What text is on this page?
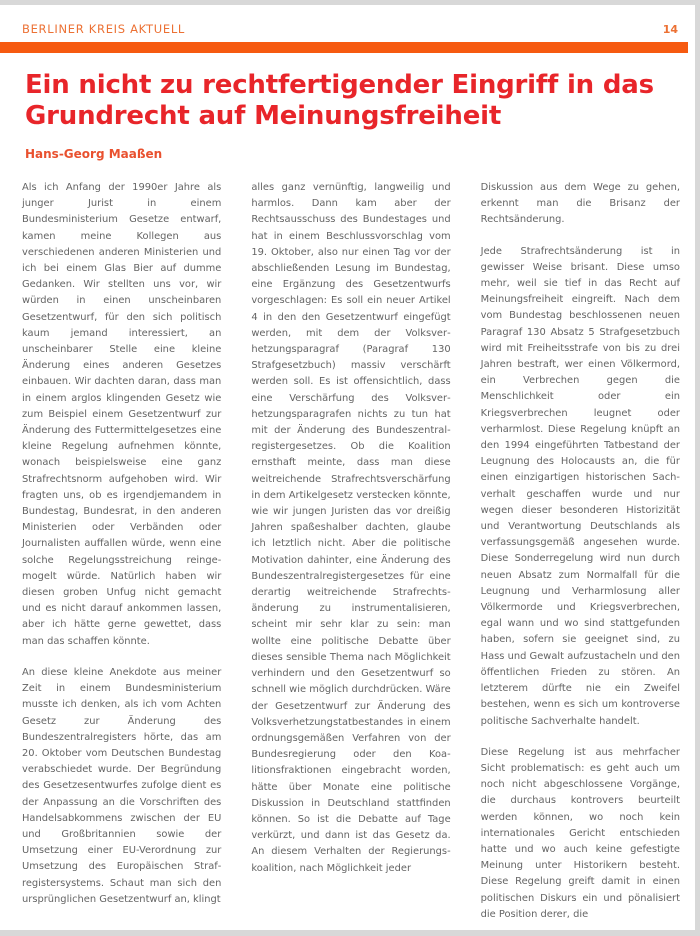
BERLINER KREIS AKTUELL	14
Ein nicht zu rechtfertigender Eingriff in das
Grundrecht auf Meinungsfreiheit
Hans-Georg Maaßen

Als ich Anfang der 1990er Jahre als junger Jurist in einem Bundesministerium Gesetze entwarf, kamen meine Kollegen aus verschiedenen anderen Ministerien und ich bei einem Glas Bier auf dumme Gedanken. Wir stellten uns vor, wir würden in einen unscheinbaren Gesetzentwurf, für den sich politisch kaum jemand interessiert, an unscheinbarer Stelle eine kleine Änderung eines anderen Gesetzes einbauen. Wir dachten daran, dass man in einem arglos klingenden Gesetz wie zum Beispiel einem Gesetzentwurf zur Änderung des Futtermittelgesetzes eine kleine Regelung aufnehmen könnte, wonach beispielsweise eine ganz Strafrechtsnorm aufgehoben wird. Wir fragten uns, ob es irgendjemandem in Bundestag, Bundesrat, in den anderen Ministerien oder Verbänden oder Journalisten auffallen würde, wenn eine solche Regelungsstreichung reingemogelt würde. Natürlich haben wir diesen groben Unfug nicht gemacht und es nicht darauf ankommen lassen, aber ich hätte gerne gewettet, dass man das schaffen könnte.

An diese kleine Anekdote aus meiner Zeit in einem Bundesministerium musste ich denken, als ich vom Achten Gesetz zur Änderung des Bundeszentralregisters hörte, das am 20. Oktober vom Deutschen Bundestag verabschiedet wurde. Der Begründung des Gesetzesentwurfes zufolge dient es der Anpassung an die Vorschriften des Handelsabkommens zwischen der EU und Großbritannien sowie der Umsetzung einer EU-Verordnung zur Umsetzung des Europäischen Strafregistersystems. Schaut man sich den ursprünglichen Gesetzentwurf an, klingt

alles ganz vernünftig, langweilig und harmlos. Dann kam aber der Rechtsausschuss des Bundestages und hat in einem Beschlussvorschlag vom 19. Oktober, also nur einen Tag vor der abschließenden Lesung im Bundestag, eine Ergänzung des Gesetzentwurfs vorgeschlagen: Es soll ein neuer Artikel 4 in den den Gesetzentwurf eingefügt werden, mit dem der Volksverhetzungsparagraf (Paragraf 130 Strafgesetzbuch) massiv verschärft werden soll. Es ist offensichtlich, dass eine Verschärfung des Volksverhetzungsparagrafen nichts zu tun hat mit der Änderung des Bundeszentralregistergesetzes. Ob die Koalition ernsthaft meinte, dass man diese weitreichende Strafrechtsverschärfung in dem Artikelgesetz verstecken könnte, wie wir jungen Juristen das vor dreißig Jahren spaßeshalber dachten, glaube ich letztlich nicht. Aber die politische Motivation dahinter, eine Änderung des Bundeszentralregistergesetzes für eine derartig weitreichende Strafrechtsänderung zu instrumentalisieren, scheint mir sehr klar zu sein: man wollte eine politische Debatte über dieses sensible Thema nach Möglichkeit verhindern und den Gesetzentwurf so schnell wie möglich durchdrücken. Wäre der Gesetzentwurf zur Änderung des Volksverhetzungstatbestandes in einem ordnungsgemäßen Verfahren von der Bundesregierung oder den Koalitionsfraktionen eingebracht worden, hätte über Monate eine politische Diskussion in Deutschland stattfinden können. So ist die Debatte auf Tage verkürzt, und dann ist das Gesetz da. An diesem Verhalten der Regierungskoalition, nach Möglichkeit jeder

Diskussion aus dem Wege zu gehen, erkennt man die Brisanz der Rechtsänderung.

Jede Strafrechtsänderung ist in gewisser Weise brisant. Diese umso mehr, weil sie tief in das Recht auf Meinungsfreiheit eingreift. Nach dem vom Bundestag beschlossenen neuen Paragraf 130 Absatz 5 Strafgesetzbuch wird mit Freiheitsstrafe von bis zu drei Jahren bestraft, wer einen Völkermord, ein Verbrechen gegen die Menschlichkeit oder ein Kriegsverbrechen leugnet oder verharmlost. Diese Regelung knüpft an den 1994 eingeführten Tatbestand der Leugnung des Holocausts an, die für einen einzigartigen historischen Sachverhalt geschaffen wurde und nur wegen dieser besonderen Historizität und Verantwortung Deutschlands als verfassungsgemäß angesehen wurde. Diese Sonderregelung wird nun durch neuen Absatz zum Normalfall für die Leugnung und Verharmlosung aller Völkermorde und Kriegsverbrechen, egal wann und wo sind stattgefunden haben, sofern sie geeignet sind, zu Hass und Gewalt aufzustacheln und den öffentlichen Frieden zu stören. An letzterem dürfte nie ein Zweifel bestehen, wenn es sich um kontroverse politische Sachverhalte handelt.

Diese Regelung ist aus mehrfacher Sicht problematisch: es geht auch um noch nicht abgeschlossene Vorgänge, die durchaus kontrovers beurteilt werden können, wo noch kein internationales Gericht entschieden hatte und wo auch keine gefestigte Meinung unter Historikern besteht. Diese Regelung greift damit in einen politischen Diskurs ein und pönalisiert die Position derer, die
